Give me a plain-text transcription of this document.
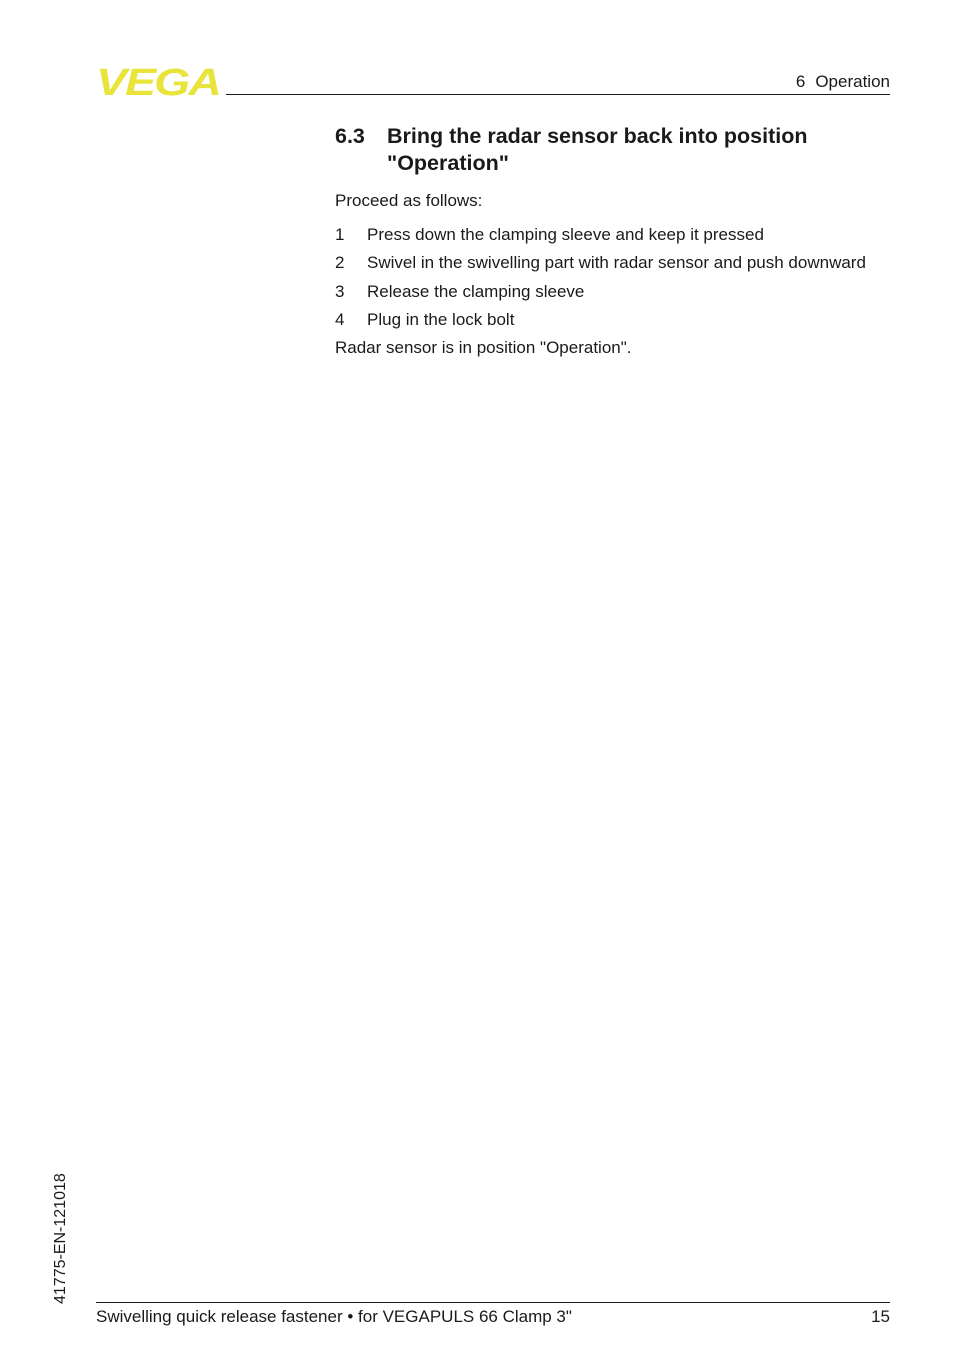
VEGA	6 Operation
6.3	Bring the radar sensor back into position "Operation"
Proceed as follows:
1	Press down the clamping sleeve and keep it pressed
2	Swivel in the swivelling part with radar sensor and push downward
3	Release the clamping sleeve
4	Plug in the lock bolt
Radar sensor is in position "Operation".
41775-EN-121018
Swivelling quick release fastener • for VEGAPULS 66 Clamp 3"	15
